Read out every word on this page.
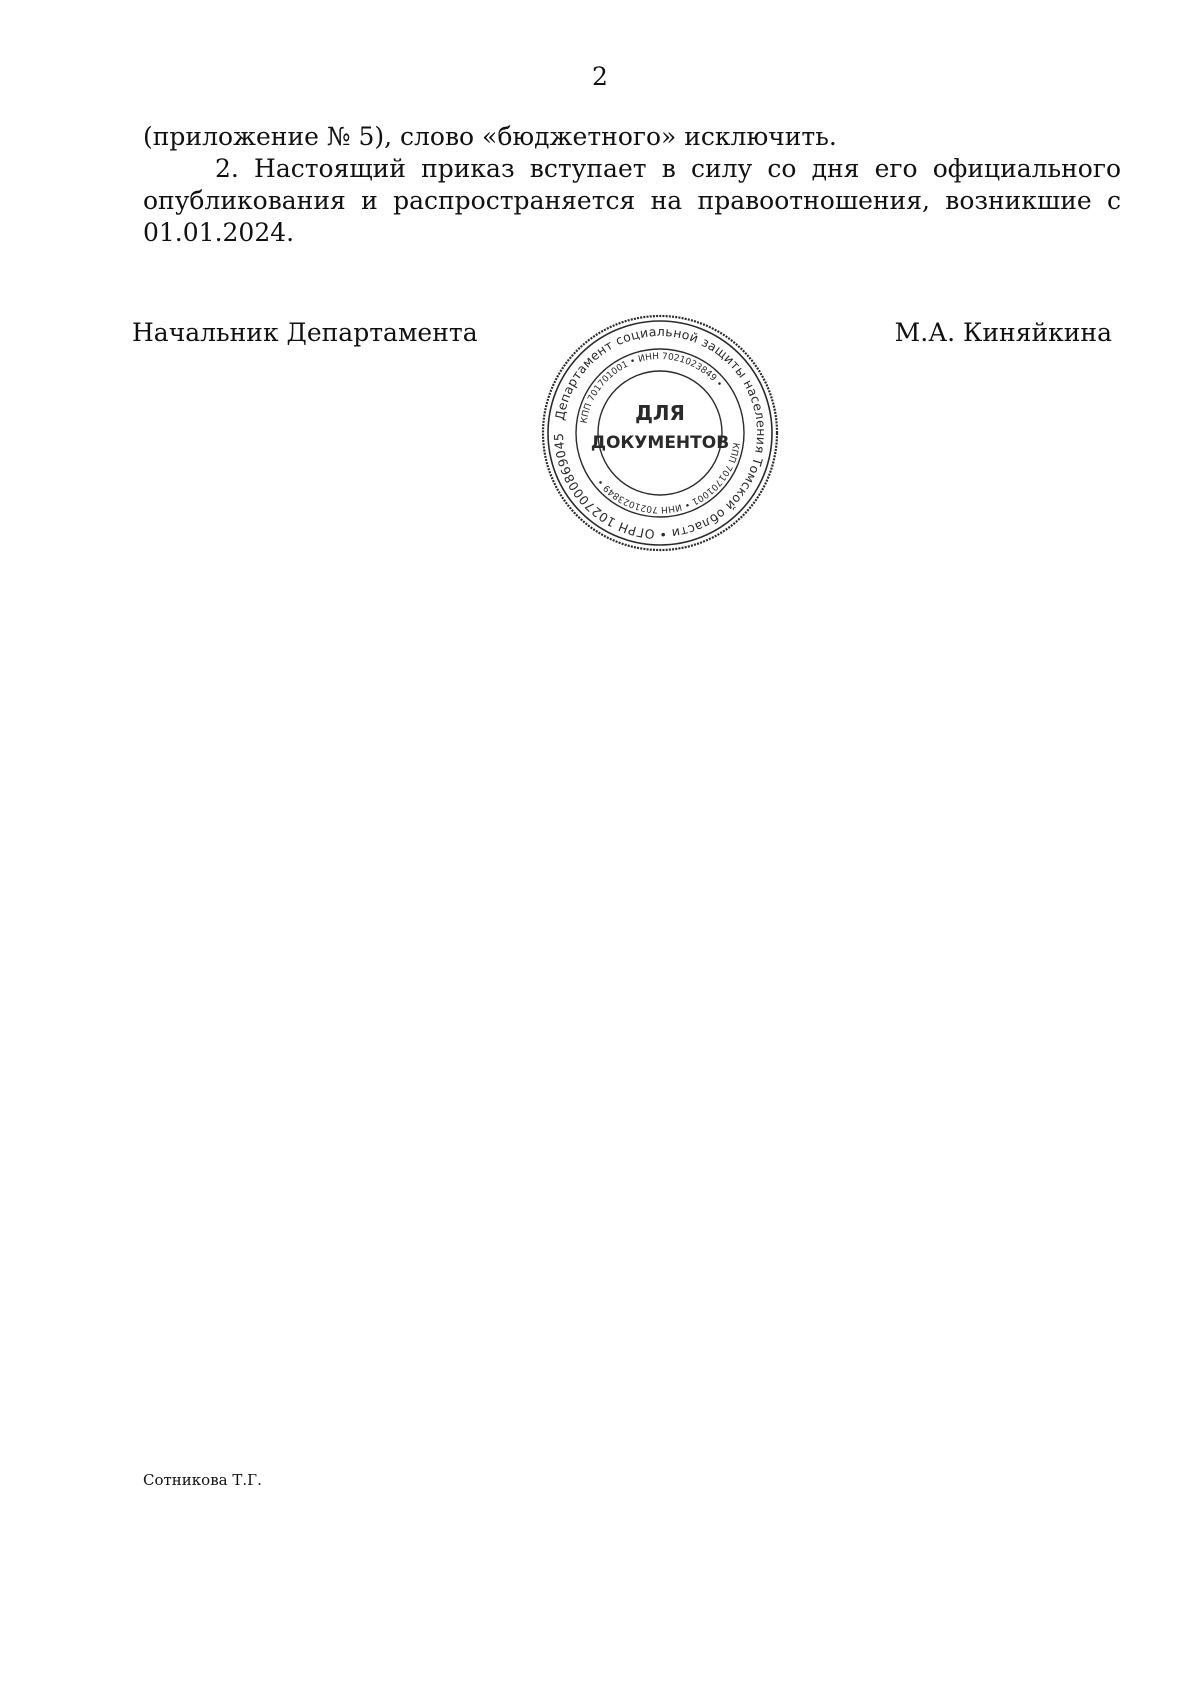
2

(приложение № 5), слово «бюджетного» исключить.

2. Настоящий приказ вступает в силу со дня его официального опубликования и распространяется на правоотношения, возникшие с 01.01.2024.

Начальник Департамента	М.А. Киняйкина
Департамент социальной защиты населения Томской области • ОГРН 1027000869045
КПП 701701001 • ИНН 7021023849 •
КПП 701701001 • ИНН 7021023849 •
ДЛЯ
ДОКУМЕНТОВ
Сотникова Т.Г.
